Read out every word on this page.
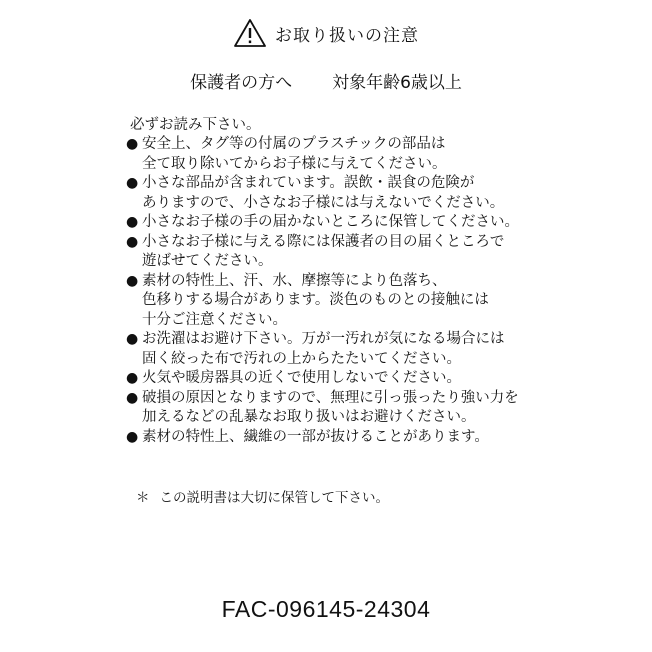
お取り扱いの注意
保護者の方へ 対象年齢6歳以上
必ずお読み下さい。
● 安全上、タグ等の付属のプラスチックの部品は
全て取り除いてからお子様に与えてください。
● 小さな部品が含まれています。誤飲・誤食の危険が
ありますので、小さなお子様には与えないでください。
● 小さなお子様の手の届かないところに保管してください。
● 小さなお子様に与える際には保護者の目の届くところで
遊ばせてください。
● 素材の特性上、汗、水、摩擦等により色落ち、
色移りする場合があります。淡色のものとの接触には
十分ご注意ください。
● お洗濯はお避け下さい。万が一汚れが気になる場合には
固く絞った布で汚れの上からたたいてください。
● 火気や暖房器具の近くで使用しないでください。
● 破損の原因となりますので、無理に引っ張ったり強い力を
加えるなどの乱暴なお取り扱いはお避けください。
● 素材の特性上、繊維の一部が抜けることがあります。
＊ この説明書は大切に保管して下さい。
FAC-096145-24304
